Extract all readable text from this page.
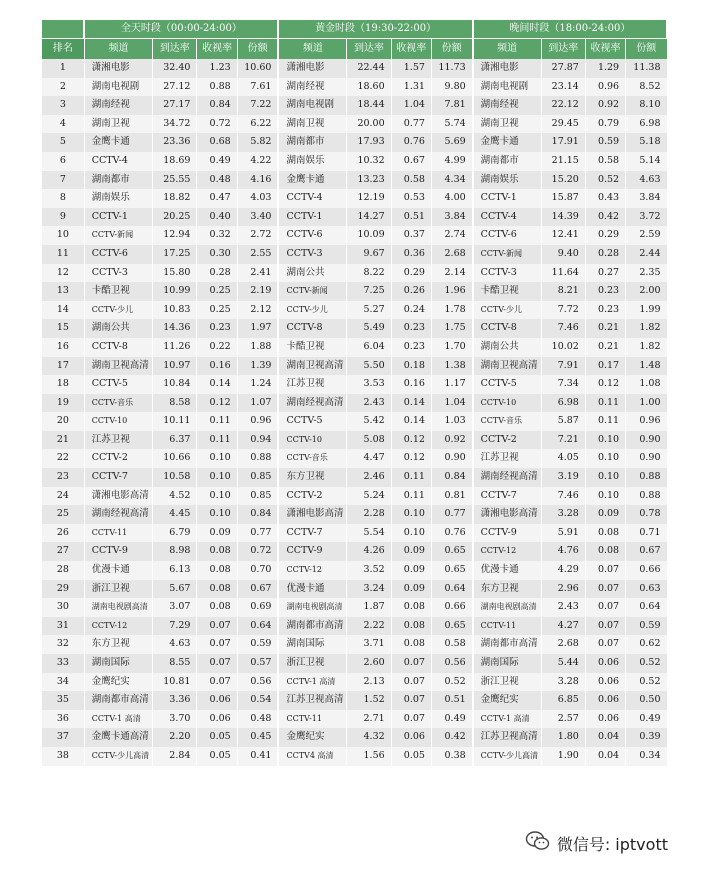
	全天时段（00:00-24:00）				黄金时段（19:30-22:00）				晚间时段（18:00-24:00）			
排名	频道	到达率	收视率	份额	频道	到达率	收视率	份额	频道	到达率	收视率	份额
1	潇湘电影	32.40	1.23	10.60	潇湘电影	22.44	1.57	11.73	潇湘电影	27.87	1.29	11.38
2	湖南电视剧	27.12	0.88	7.61	湖南经视	18.60	1.31	9.80	湖南电视剧	23.14	0.96	8.52
3	湖南经视	27.17	0.84	7.22	湖南电视剧	18.44	1.04	7.81	湖南经视	22.12	0.92	8.10
4	湖南卫视	34.72	0.72	6.22	湖南卫视	20.00	0.77	5.74	湖南卫视	29.45	0.79	6.98
5	金鹰卡通	23.36	0.68	5.82	湖南都市	17.93	0.76	5.69	金鹰卡通	17.91	0.59	5.18
6	CCTV-4	18.69	0.49	4.22	湖南娱乐	10.32	0.67	4.99	湖南都市	21.15	0.58	5.14
7	湖南都市	25.55	0.48	4.16	金鹰卡通	13.23	0.58	4.34	湖南娱乐	15.20	0.52	4.63
8	湖南娱乐	18.82	0.47	4.03	CCTV-4	12.19	0.53	4.00	CCTV-1	15.87	0.43	3.84
9	CCTV-1	20.25	0.40	3.40	CCTV-1	14.27	0.51	3.84	CCTV-4	14.39	0.42	3.72
10	CCTV-新闻	12.94	0.32	2.72	CCTV-6	10.09	0.37	2.74	CCTV-6	12.41	0.29	2.59
11	CCTV-6	17.25	0.30	2.55	CCTV-3	9.67	0.36	2.68	CCTV-新闻	9.40	0.28	2.44
12	CCTV-3	15.80	0.28	2.41	湖南公共	8.22	0.29	2.14	CCTV-3	11.64	0.27	2.35
13	卡酷卫视	10.99	0.25	2.19	CCTV-新闻	7.25	0.26	1.96	卡酷卫视	8.21	0.23	2.00
14	CCTV-少儿	10.83	0.25	2.12	CCTV-少儿	5.27	0.24	1.78	CCTV-少儿	7.72	0.23	1.99
15	湖南公共	14.36	0.23	1.97	CCTV-8	5.49	0.23	1.75	CCTV-8	7.46	0.21	1.82
16	CCTV-8	11.26	0.22	1.88	卡酷卫视	6.04	0.23	1.70	湖南公共	10.02	0.21	1.82
17	湖南卫视高清	10.97	0.16	1.39	湖南卫视高清	5.50	0.18	1.38	湖南卫视高清	7.91	0.17	1.48
18	CCTV-5	10.84	0.14	1.24	江苏卫视	3.53	0.16	1.17	CCTV-5	7.34	0.12	1.08
19	CCTV-音乐	8.58	0.12	1.07	湖南经视高清	2.43	0.14	1.04	CCTV-10	6.98	0.11	1.00
20	CCTV-10	10.11	0.11	0.96	CCTV-5	5.42	0.14	1.03	CCTV-音乐	5.87	0.11	0.96
21	江苏卫视	6.37	0.11	0.94	CCTV-10	5.08	0.12	0.92	CCTV-2	7.21	0.10	0.90
22	CCTV-2	10.66	0.10	0.88	CCTV-音乐	4.47	0.12	0.90	江苏卫视	4.05	0.10	0.90
23	CCTV-7	10.58	0.10	0.85	东方卫视	2.46	0.11	0.84	湖南经视高清	3.19	0.10	0.88
24	潇湘电影高清	4.52	0.10	0.85	CCTV-2	5.24	0.11	0.81	CCTV-7	7.46	0.10	0.88
25	湖南经视高清	4.45	0.10	0.84	潇湘电影高清	2.28	0.10	0.77	潇湘电影高清	3.28	0.09	0.78
26	CCTV-11	6.79	0.09	0.77	CCTV-7	5.54	0.10	0.76	CCTV-9	5.91	0.08	0.71
27	CCTV-9	8.98	0.08	0.72	CCTV-9	4.26	0.09	0.65	CCTV-12	4.76	0.08	0.67
28	优漫卡通	6.13	0.08	0.70	CCTV-12	3.52	0.09	0.65	优漫卡通	4.29	0.07	0.66
29	浙江卫视	5.67	0.08	0.67	优漫卡通	3.24	0.09	0.64	东方卫视	2.96	0.07	0.63
30	湖南电视剧高清	3.07	0.08	0.69	湖南电视剧高清	1.87	0.08	0.66	湖南电视剧高清	2.43	0.07	0.64
31	CCTV-12	7.29	0.07	0.64	湖南都市高清	2.22	0.08	0.65	CCTV-11	4.27	0.07	0.59
32	东方卫视	4.63	0.07	0.59	湖南国际	3.71	0.08	0.58	湖南都市高清	2.68	0.07	0.62
33	湖南国际	8.55	0.07	0.57	浙江卫视	2.60	0.07	0.56	湖南国际	5.44	0.06	0.52
34	金鹰纪实	10.81	0.07	0.56	CCTV-1 高清	2.13	0.07	0.52	浙江卫视	3.28	0.06	0.52
35	湖南都市高清	3.36	0.06	0.54	江苏卫视高清	1.52	0.07	0.51	金鹰纪实	6.85	0.06	0.50
36	CCTV-1 高清	3.70	0.06	0.48	CCTV-11	2.71	0.07	0.49	CCTV-1 高清	2.57	0.06	0.49
37	金鹰卡通高清	2.20	0.05	0.45	金鹰纪实	4.32	0.06	0.42	江苏卫视高清	1.80	0.04	0.39
38	CCTV-少儿高清	2.84	0.05	0.41	CCTV4 高清	1.56	0.05	0.38	CCTV-少儿高清	1.90	0.04	0.34
微信号: iptvott
